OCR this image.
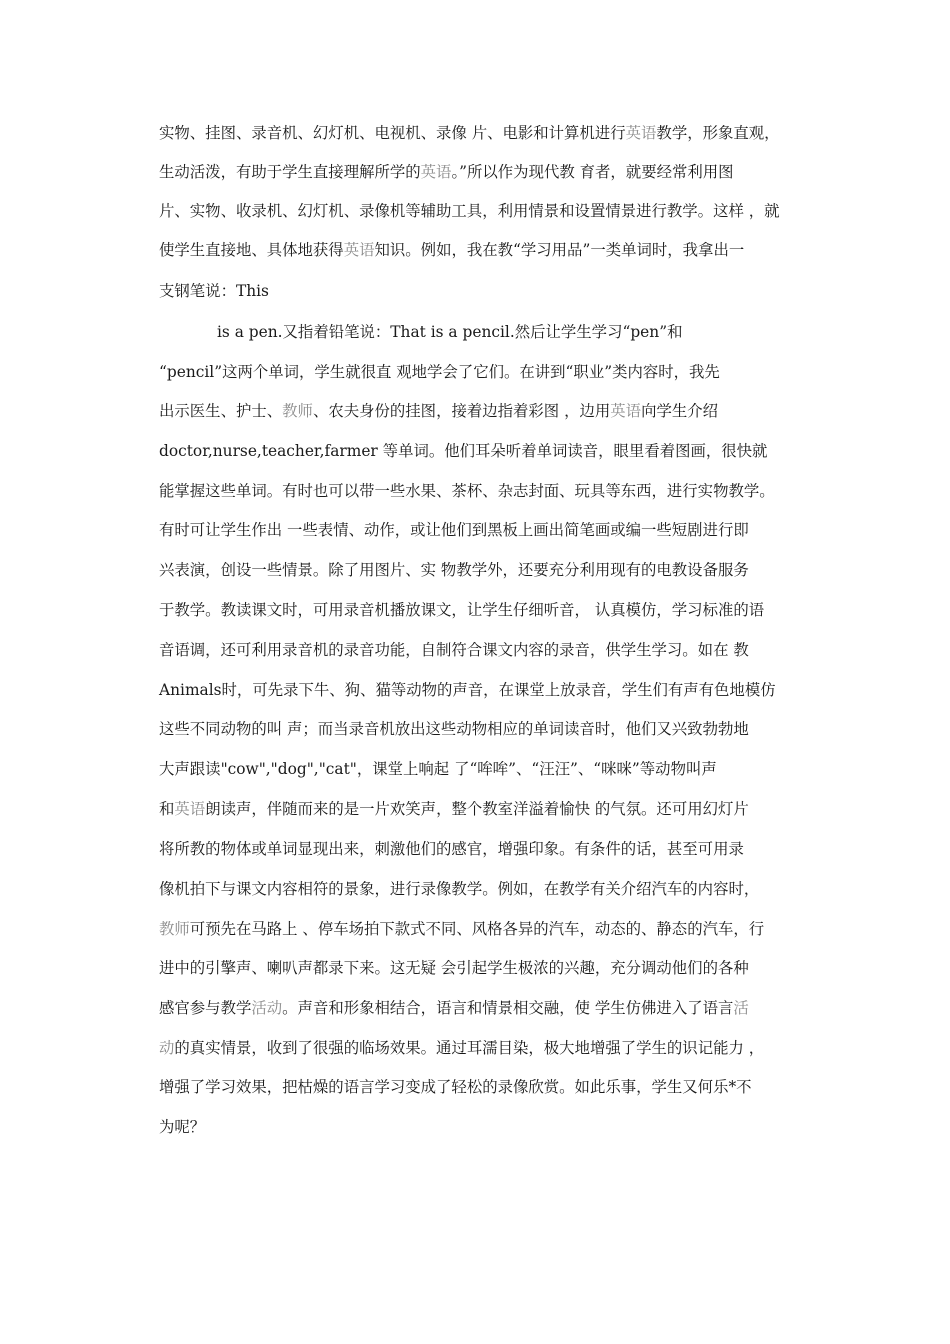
实物、挂图、录音机、幻灯机、电视机、录像 片、电影和计算机进行英语教学，形象直观，
生动活泼，有助于学生直接理解所学的英语。”所以作为现代教 育者，就要经常利用图
片、实物、收录机、幻灯机、录像机等辅助工具，利用情景和设置情景进行教学。这样 ，就
使学生直接地、具体地获得英语知识。例如，我在教“学习用品”一类单词时，我拿出一
支钢笔说：This
is a pen.又指着铅笔说：That is a pencil.然后让学生学习“pen”和
“pencil”这两个单词，学生就很直 观地学会了它们。在讲到“职业”类内容时，我先
出示医生、护士、教师、农夫身份的挂图，接着边指着彩图 ，边用英语向学生介绍
doctor,nurse,teacher,farmer 等单词。他们耳朵听着单词读音，眼里看着图画，很快就
能掌握这些单词。有时也可以带一些水果、茶杯、杂志封面、玩具等东西，进行实物教学。
有时可让学生作出 一些表情、动作，或让他们到黑板上画出简笔画或编一些短剧进行即
兴表演，创设一些情景。除了用图片、实 物教学外，还要充分利用现有的电教设备服务
于教学。教读课文时，可用录音机播放课文，让学生仔细听音， 认真模仿，学习标准的语
音语调，还可利用录音机的录音功能，自制符合课文内容的录音，供学生学习。如在 教
Animals时，可先录下牛、狗、猫等动物的声音，在课堂上放录音，学生们有声有色地模仿
这些不同动物的叫 声；而当录音机放出这些动物相应的单词读音时，他们又兴致勃勃地
大声跟读"cow","dog","cat"，课堂上响起 了“哞哞”、“汪汪”、“咪咪”等动物叫声
和英语朗读声，伴随而来的是一片欢笑声，整个教室洋溢着愉快 的气氛。还可用幻灯片
将所教的物体或单词显现出来，刺激他们的感官，增强印象。有条件的话，甚至可用录
像机拍下与课文内容相符的景象，进行录像教学。例如，在教学有关介绍汽车的内容时，
教师可预先在马路上 、停车场拍下款式不同、风格各异的汽车，动态的、静态的汽车，行
进中的引擎声、喇叭声都录下来。这无疑 会引起学生极浓的兴趣，充分调动他们的各种
感官参与教学活动。声音和形象相结合，语言和情景相交融，使 学生仿佛进入了语言活
动的真实情景，收到了很强的临场效果。通过耳濡目染，极大地增强了学生的识记能力 ，
增强了学习效果，把枯燥的语言学习变成了轻松的录像欣赏。如此乐事，学生又何乐*不
为呢？
